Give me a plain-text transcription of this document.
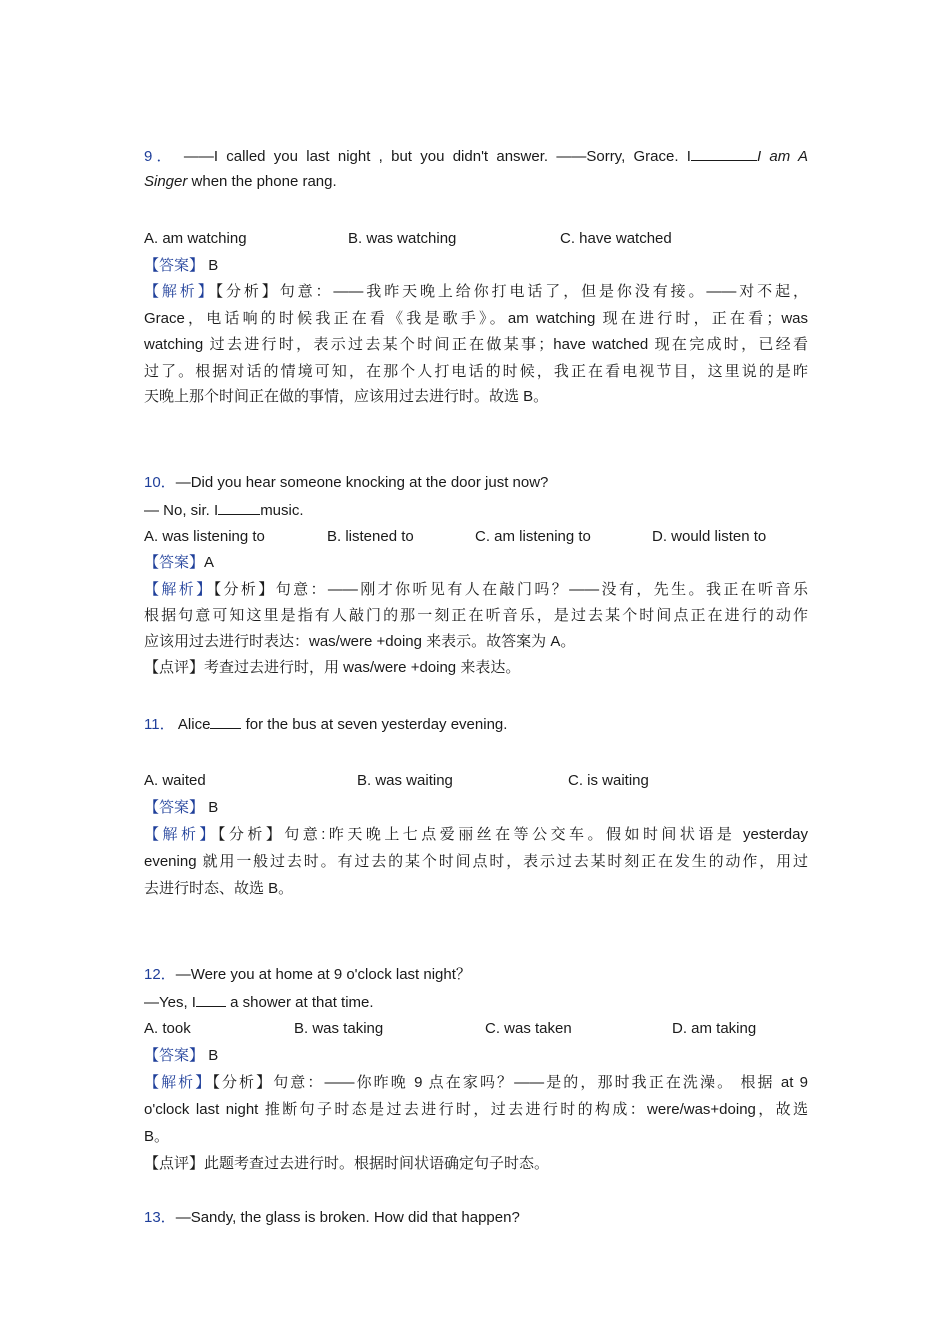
9． ——I called you last night , but you didn't answer. ——Sorry, Grace. I	I am A
Singer when the phone rang.
A. am watching	B. was watching	C. have watched
【答案】 B
【解析】【分析】句意：——我昨天晚上给你打电话了，但是你没有接。——对不起，
Grace，电话响的时候我正在看《我是歌手》。am watching 现在进行时，正在看；was
watching 过去进行时，表示过去某个时间正在做某事；have watched 现在完成时，已经看
过了。根据对话的情境可知，在那个人打电话的时候，我正在看电视节目，这里说的是昨
天晚上那个时间正在做的事情，应该用过去进行时。故选 B。
10．—Did you hear someone knocking at the door just now?
— No, sir. I	music.
A. was listening to	B. listened to	C. am listening to	D. would listen to
【答案】A
【解析】【分析】句意：——刚才你听见有人在敲门吗？——没有，先生。我正在听音乐
根据句意可知这里是指有人敲门的那一刻正在听音乐，是过去某个时间点正在进行的动作
应该用过去进行时表达：was/were +doing 来表示。故答案为 A。
【点评】考查过去进行时，用 was/were +doing 来表达。
11． Alice for the bus at seven yesterday evening.
A. waited	B. was waiting	C. is waiting
【答案】 B
【解析】【分析】句意:昨天晚上七点爱丽丝在等公交车。假如时间状语是 yesterday
evening 就用一般过去时。有过去的某个时间点时，表示过去某时刻正在发生的动作，用过
去进行时态、故选 B。
12．—Were you at home at 9 o'clock last night？
—Yes, I a shower at that time.
A. took	B. was taking	C. was taken	D. am taking
【答案】 B
【解析】【分析】句意：——你昨晚 9 点在家吗？——是的，那时我正在洗澡。 根据 at 9
o'clock last night 推断句子时态是过去进行时，过去进行时的构成：were/was+doing，故选
B。
【点评】此题考查过去进行时。根据时间状语确定句子时态。
13．—Sandy, the glass is broken. How did that happen?
